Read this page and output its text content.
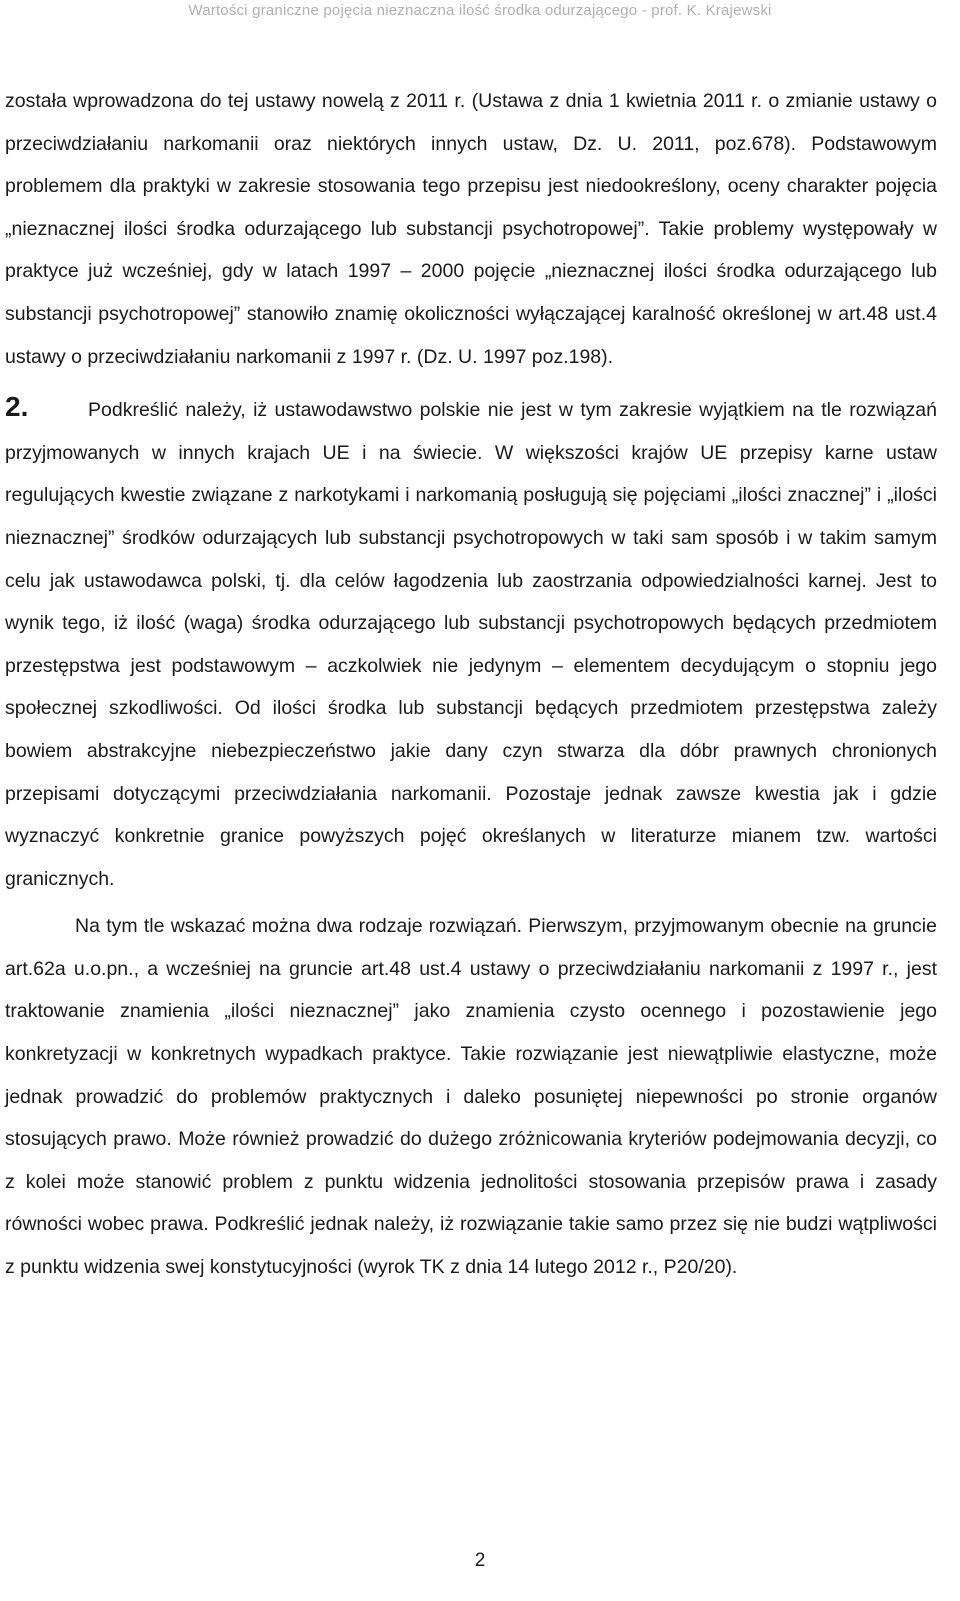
Wartości graniczne pojęcia nieznaczna ilość środka odurzającego - prof. K. Krajewski

została wprowadzona do tej ustawy nowelą z 2011 r. (Ustawa z dnia 1 kwietnia 2011 r. o zmianie ustawy o przeciwdziałaniu narkomanii oraz niektórych innych ustaw, Dz. U. 2011, poz.678). Podstawowym problemem dla praktyki w zakresie stosowania tego przepisu jest niedookreślony, oceny charakter pojęcia „nieznacznej ilości środka odurzającego lub substancji psychotropowej”. Takie problemy występowały w praktyce już wcześniej, gdy w latach 1997 – 2000 pojęcie „nieznacznej ilości środka odurzającego lub substancji psychotropowej” stanowiło znamię okoliczności wyłączającej karalność określonej w art.48 ust.4 ustawy o przeciwdziałaniu narkomanii z 1997 r. (Dz. U. 1997 poz.198).

2.	Podkreślić należy, iż ustawodawstwo polskie nie jest w tym zakresie wyjątkiem na tle rozwiązań przyjmowanych w innych krajach UE i na świecie. W większości krajów UE przepisy karne ustaw regulujących kwestie związane z narkotykami i narkomanią posługują się pojęciami „ilości znacznej” i „ilości nieznacznej” środków odurzających lub substancji psychotropowych w taki sam sposób i w takim samym celu jak ustawodawca polski, tj. dla celów łagodzenia lub zaostrzania odpowiedzialności karnej. Jest to wynik tego, iż ilość (waga) środka odurzającego lub substancji psychotropowych będących przedmiotem przestępstwa jest podstawowym – aczkolwiek nie jedynym – elementem decydującym o stopniu jego społecznej szkodliwości. Od ilości środka lub substancji będących przedmiotem przestępstwa zależy bowiem abstrakcyjne niebezpieczeństwo jakie dany czyn stwarza dla dóbr prawnych chronionych przepisami dotyczącymi przeciwdziałania narkomanii. Pozostaje jednak zawsze kwestia jak i gdzie wyznaczyć konkretnie granice powyższych pojęć określanych w literaturze mianem tzw. wartości granicznych.

Na tym tle wskazać można dwa rodzaje rozwiązań. Pierwszym, przyjmowanym obecnie na gruncie art.62a u.o.pn., a wcześniej na gruncie art.48 ust.4 ustawy o przeciwdziałaniu narkomanii z 1997 r., jest traktowanie znamienia „ilości nieznacznej” jako znamienia czysto ocennego i pozostawienie jego konkretyzacji w konkretnych wypadkach praktyce. Takie rozwiązanie jest niewątpliwie elastyczne, może jednak prowadzić do problemów praktycznych i daleko posuniętej niepewności po stronie organów stosujących prawo. Może również prowadzić do dużego zróżnicowania kryteriów podejmowania decyzji, co z kolei może stanowić problem z punktu widzenia jednolitości stosowania przepisów prawa i zasady równości wobec prawa. Podkreślić jednak należy, iż rozwiązanie takie samo przez się nie budzi wątpliwości z punktu widzenia swej konstytucyjności (wyrok TK z dnia 14 lutego 2012 r., P20/20).

2
